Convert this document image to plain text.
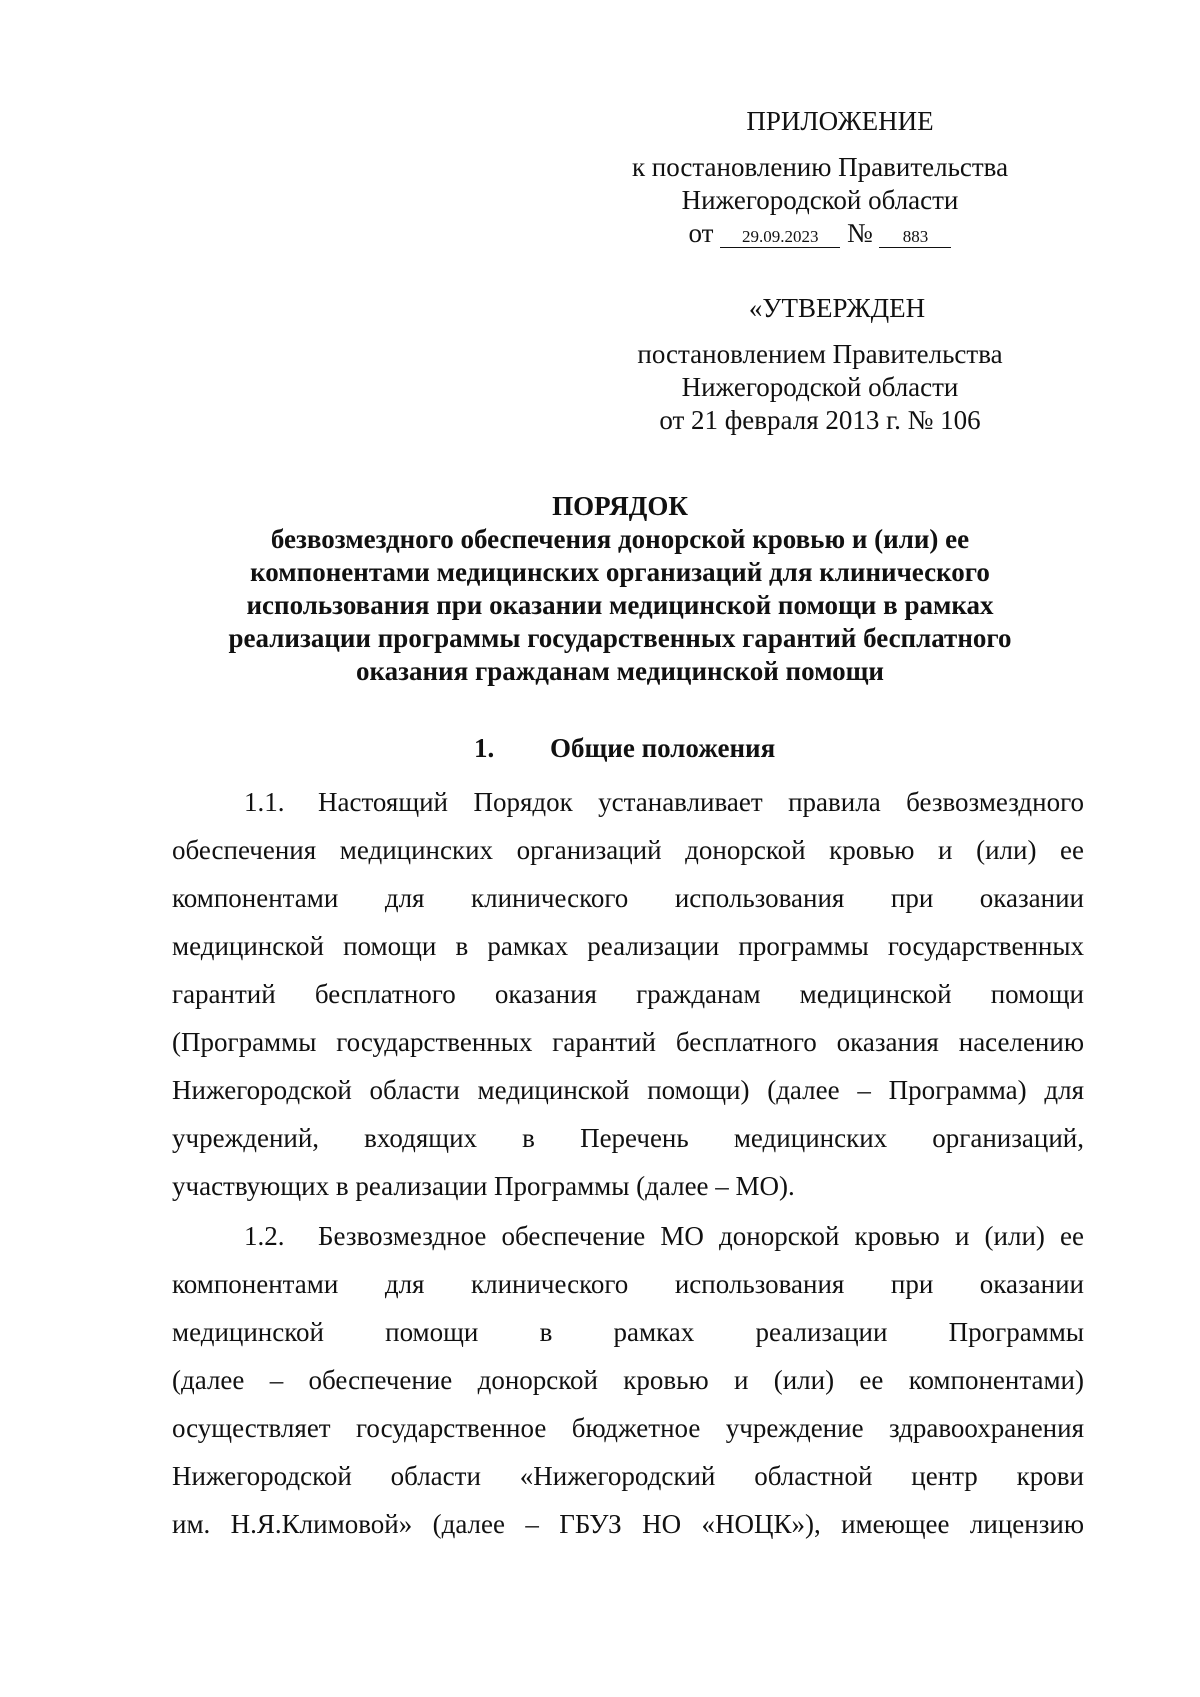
ПРИЛОЖЕНИЕ
к постановлению Правительства
Нижегородской области
от 29.09.2023 № 883
«УТВЕРЖДЕН
постановлением Правительства
Нижегородской области
от 21 февраля 2013 г. № 106
ПОРЯДОК
безвозмездного обеспечения донорской кровью и (или) ее
компонентами медицинских организаций для клинического
использования при оказании медицинской помощи в рамках
реализации программы государственных гарантий бесплатного
оказания гражданам медицинской помощи
1. Общие положения
1.1. Настоящий Порядок устанавливает правила безвозмездного
обеспечения медицинских организаций донорской кровью и (или) ее
компонентами для клинического использования при оказании
медицинской помощи в рамках реализации программы государственных
гарантий бесплатного оказания гражданам медицинской помощи
(Программы государственных гарантий бесплатного оказания населению
Нижегородской области медицинской помощи) (далее – Программа) для
учреждений, входящих в Перечень медицинских организаций,
участвующих в реализации Программы (далее – МО).
1.2. Безвозмездное обеспечение МО донорской кровью и (или) ее
компонентами для клинического использования при оказании
медицинской помощи в рамках реализации Программы
(далее – обеспечение донорской кровью и (или) ее компонентами)
осуществляет государственное бюджетное учреждение здравоохранения
Нижегородской области «Нижегородский областной центр крови
им. Н.Я.Климовой» (далее – ГБУЗ НО «НОЦК»), имеющее лицензию
